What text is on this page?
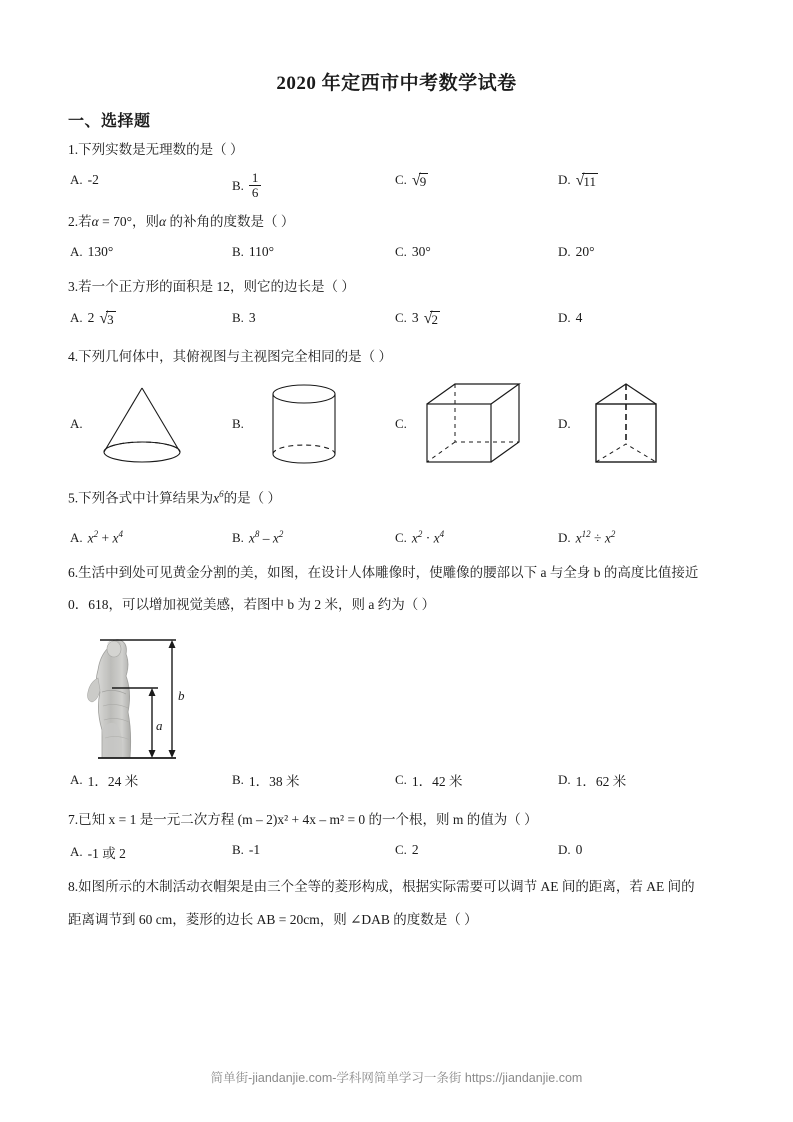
2020 年定西市中考数学试卷
一、选择题
1.下列实数是无理数的是（ ）
A. -2	B. $\frac{1}{6}$	C. √ 9	D. √ 11
2.若α = 70°，则α 的补角的度数是（ ）
A. 130°	B. 110°	C. 30°	D. 20°
3.若一个正方形的面积是 12，则它的边长是（ ）
A. 2 √ 3	B. 3	C. 3 √ 2	D. 4
4.下列几何体中，其俯视图与主视图完全相同的是（ ）
A.	B.	C.	D.
5.下列各式中计算结果为$x^6$的是（ ）
A. $x^2 + x^4$	B. $x^8 - x^2$	C. $x^2 \cdot x^4$	D. $x^{12} \div x^2$
6.生活中到处可见黄金分割的美，如图，在设计人体雕像时，使雕像的腰部以下 a 与全身 b 的高度比值接近
0．618，可以增加视觉美感，若图中 b 为 2 米，则 a 约为（ ）
a
b
A. 1．24 米	B. 1．38 米	C. 1．42 米	D. 1．62 米
7.已知 x = 1 是一元二次方程 (m – 2)x² + 4x – m² = 0 的一个根，则 m 的值为（ ）
A. -1 或 2	B. -1	C. 2	D. 0
8.如图所示的木制活动衣帽架是由三个全等的菱形构成，根据实际需要可以调节 AE 间的距离，若 AE 间的
距离调节到 60 cm，菱形的边长 AB = 20cm，则 ∠DAB 的度数是（ ）
简单街-jiandanjie.com-学科网简单学习一条街 https://jiandanjie.com
